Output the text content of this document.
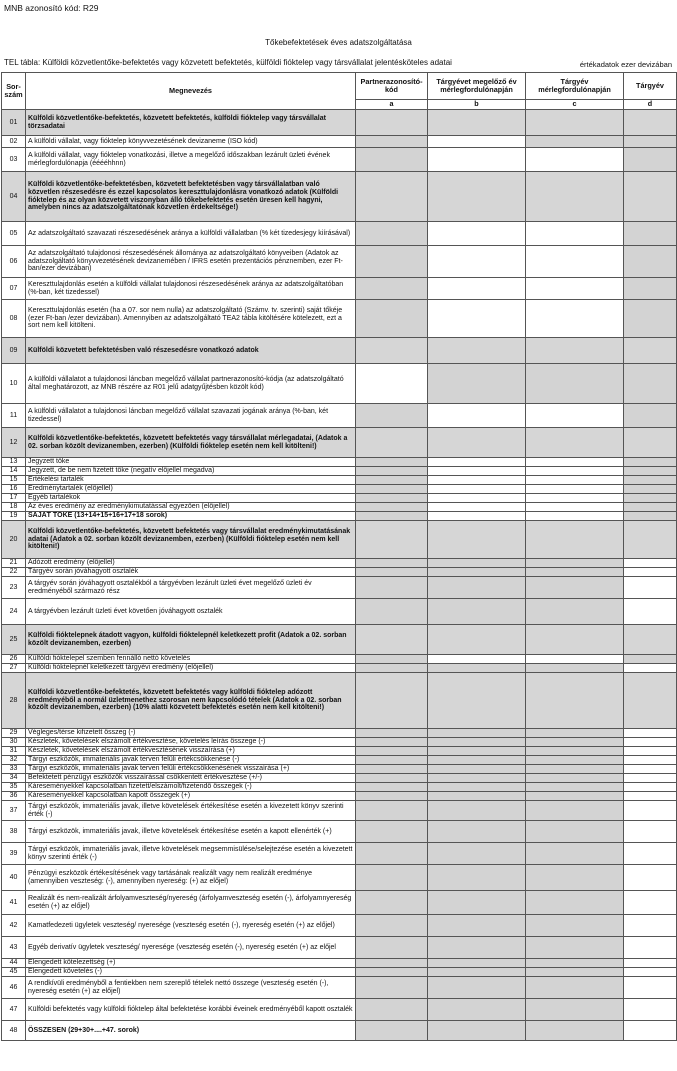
MNB azonosító kód: R29
Tőkebefektetések éves adatszolgáltatása
TEL tábla: Külföldi közvetlentőke-befektetés vagy közvetett befektetés, külföldi fióktelep vagy társvállalat jelentésköteles adatai	értékadatok ezer devizában
Sor-szám	Megnevezés	Partnerazonosító-kód	Tárgyévet megelőző év mérlegfordulónapján	Tárgyév mérlegfordulónapján	Tárgyév
		a	b	c	d
01	Külföldi közvetlentőke-befektetés, közvetett befektetés, külföldi fióktelep vagy társvállalat törzsadatai				
02	A külföldi vállalat, vagy fióktelep könyvvezetésének devizaneme (ISO kód)				
03	A külföldi vállalat, vagy fióktelep vonatkozási, illetve a megelőző időszakban lezárult üzleti évének mérlegfordulónapja (ééééhhnn)				
04	Külföldi közvetlentőke-befektetésben, közvetett befektetésben vagy társvállalatban való közvetlen részesedésre és ezzel kapcsolatos kereszttulajdonlásra vonatkozó adatok (Külföldi fióktelep és az olyan közvetett viszonyban álló tőkebefektetés esetén üresen kell hagyni, amelyben nincs az adatszolgáltatónak közvetlen érdekeltsége!)				
05	Az adatszolgáltató szavazati részesedésének aránya a külföldi vállalatban (% két tizedesjegy kiírásával)				
06	Az adatszolgáltató tulajdonosi részesedésének állománya az adatszolgáltató könyveiben (Adatok az adatszolgáltató könyvvezetésének devizanemében / IFRS esetén prezentációs pénznemben, ezer Ft-ban/ezer devizában)				
07	Kereszttulajdonlás esetén a külföldi vállalat tulajdonosi részesedésének aránya az adatszolgáltatóban (%-ban, két tizedessel)				
08	Kereszttulajdonlás esetén (ha a 07. sor nem nulla) az adatszolgáltató (Számv. tv. szerinti) saját tőkéje (ezer Ft-ban /ezer devizában). Amennyiben az adatszolgáltató TEA2 tábla kitöltésére kötelezett, ezt a sort nem kell kitölteni.				
09	Külföldi közvetett befektetésben való részesedésre vonatkozó adatok				
10	A külföldi vállalatot a tulajdonosi láncban megelőző vállalat partnerazonosító-kódja (az adatszolgáltató által meghatározott, az MNB részére az R01 jelű adatgyűjtésben közölt kód)				
11	A külföldi vállalatot a tulajdonosi láncban megelőző vállalat szavazati jogának aránya (%-ban, két tizedessel)				
12	Külföldi közvetlentőke-befektetés, közvetett befektetés vagy társvállalat mérlegadatai, (Adatok a 02. sorban közölt devizanemben, ezerben) (Külföldi fióktelep esetén nem kell kitölteni!)				
13	Jegyzett tőke				
14	Jegyzett, de be nem fizetett tőke (negatív előjellel megadva)				
15	Értékelési tartalék				
16	Eredménytartalék (előjellel)				
17	Egyéb tartalékok				
18	Az éves eredmény az eredménykimutatással egyezően (előjellel)				
19	SAJÁT TŐKE (13+14+15+16+17+18 sorok)				
20	Külföldi közvetlentőke-befektetés, közvetett befektetés vagy társvállalat eredménykimutatásának adatai (Adatok a 02. sorban közölt devizanemben, ezerben) (Külföldi fióktelep esetén nem kell kitölteni!)				
21	Adózott eredmény (előjellel)				
22	Tárgyév során jóváhagyott osztalék				
23	A tárgyév során jóváhagyott osztalékból a tárgyévben lezárult üzleti évet megelőző üzleti év eredményéből származó rész				
24	A tárgyévben lezárult üzleti évet követően jóváhagyott osztalék				
25	Külföldi fióktelepnek átadott vagyon, külföldi fióktelepnél keletkezett profit (Adatok a 02. sorban közölt devizanemben, ezerben)				
26	Külföldi fióktelepel szemben fennálló nettó követelés				
27	Külföldi fióktelepnél keletkezett tárgyévi eredmény (előjellel)				
28	Külföldi közvetlentőke-befektetés, közvetett befektetés vagy külföldi fióktelep adózott eredményéből a normál üzletmenethez szorosan nem kapcsolódó tételek (Adatok a 02. sorban közölt devizanemben, ezerben) (10% alatti közvetett befektetés esetén nem kell kitölteni!)				
29	Végleges/térse kifizetett összeg (-)				
30	Készletek, követelések elszámolt értékvesztése, követelés leírás összege (-)				
31	Készletek, követelések elszámolt értékvesztésének visszaírása (+)				
32	Tárgyi eszközök, immateriális javak terven felüli értékcsökkenése (-)				
33	Tárgyi eszközök, immateriális javak terven felüli értékcsökkenésének visszaírása (+)				
34	Befektetett pénzügyi eszközök visszaírással csökkentett értékvesztése (+/-)				
35	Káreseményekkel kapcsolatban fizetett/elszámolt/fizetendő összegek (-)				
36	Káreseményekkel kapcsolatban kapott összegek (+)				
37	Tárgyi eszközök, immateriális javak, illetve követelések értékesítése esetén a kivezetett könyv szerinti érték (-)				
38	Tárgyi eszközök, immateriális javak, illetve követelések értékesítése esetén a kapott ellenérték (+)				
39	Tárgyi eszközök, immateriális javak, illetve követelések megsemmisülése/selejtezése esetén a kivezetett könyv szerinti érték (-)				
40	Pénzügyi eszközök értékesítésének vagy tartásának realizált vagy nem realizált eredménye (amennyiben veszteség: (-), amennyiben nyereség: (+) az előjel)				
41	Realizált és nem-realizált árfolyamveszteség/nyereség (árfolyamveszteség esetén (-), árfolyamnyereség esetén (+) az előjel)				
42	Kamatfedezeti ügyletek veszteség/ nyeresége (veszteség esetén (-), nyereség esetén (+) az előjel)				
43	Egyéb derivatív ügyletek veszteség/ nyeresége (veszteség esetén (-), nyereség esetén (+) az előjel				
44	Elengedett kötelezettség (+)				
45	Elengedett követelés (-)				
46	A rendkívüli eredményből a fentiekben nem szereplő tételek nettó összege (veszteség esetén (-), nyereség esetén (+) az előjel)				
47	Külföldi befektetés vagy külföldi fióktelep által befektetése korábbi éveinek eredményéből kapott osztalék				
48	ÖSSZESEN (29+30+....+47. sorok)				
